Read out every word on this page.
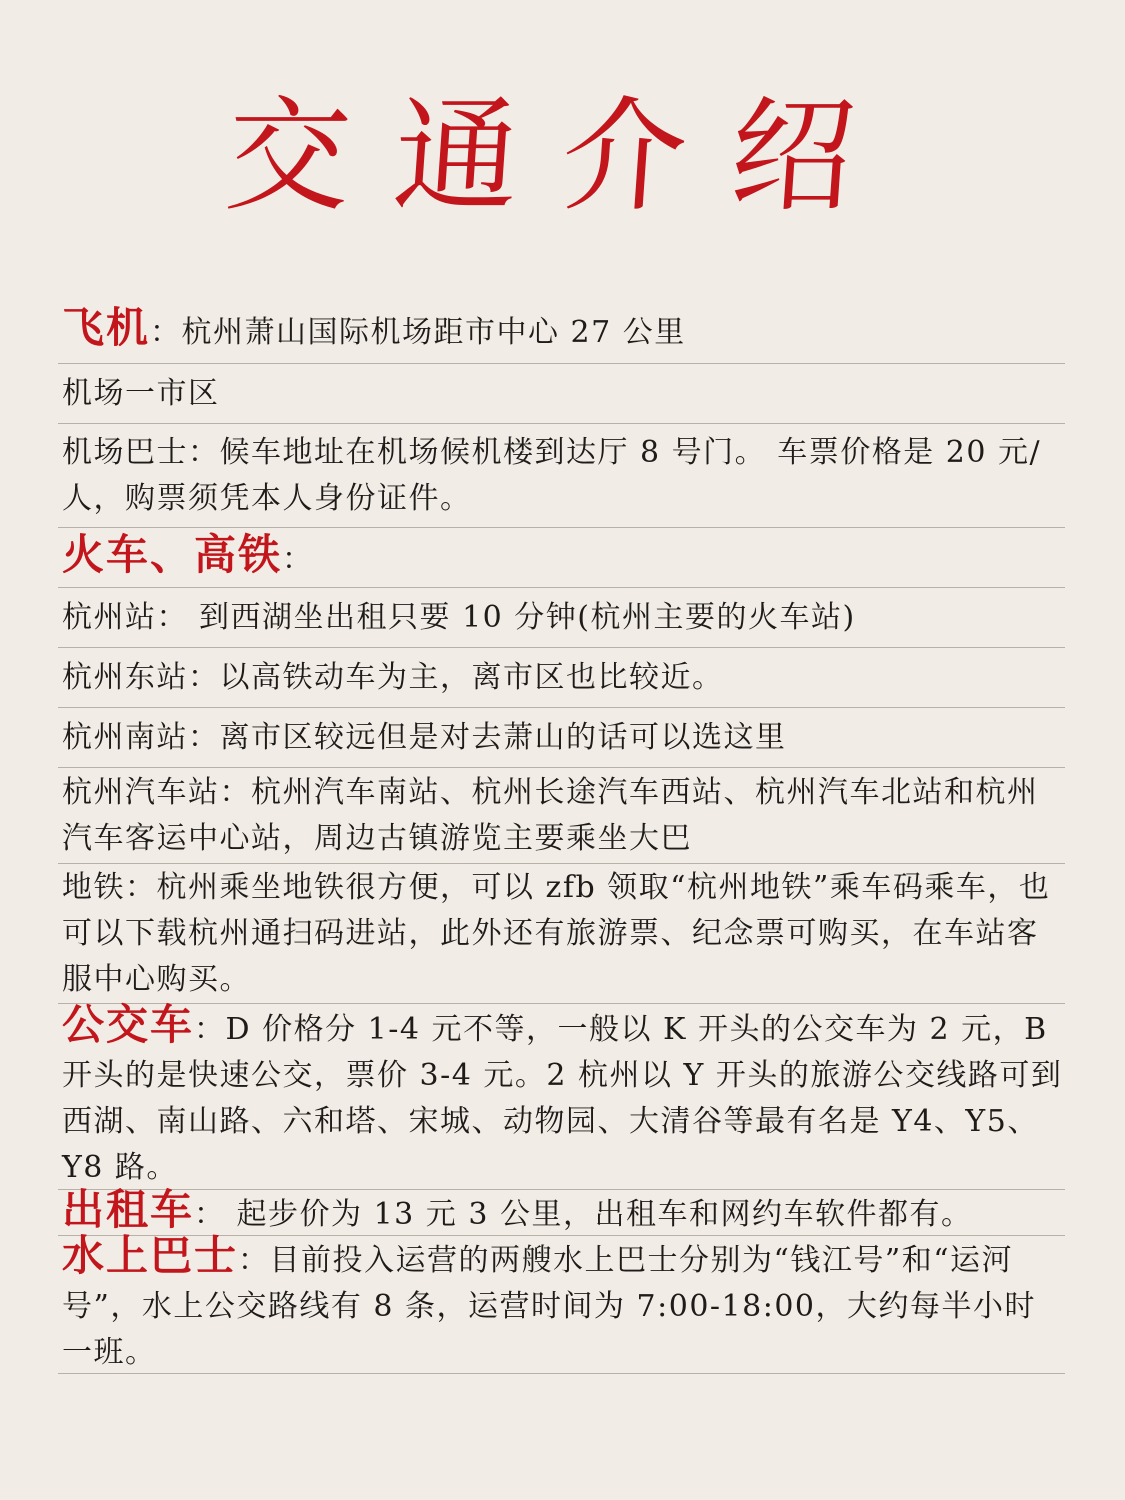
交通介绍
飞机：杭州萧山国际机场距市中心 27 公里
机场一市区
机场巴士：候车地址在机场候机楼到达厅 8 号门。 车票价格是 20 元/人，购票须凭本人身份证件。
火车、高铁：
杭州站： 到西湖坐出租只要 10 分钟(杭州主要的火车站)
杭州东站：以高铁动车为主，离市区也比较近。
杭州南站：离市区较远但是对去萧山的话可以选这里
杭州汽车站：杭州汽车南站、杭州长途汽车西站、杭州汽车北站和杭州汽车客运中心站，周边古镇游览主要乘坐大巴
地铁：杭州乘坐地铁很方便，可以 zfb 领取“杭州地铁”乘车码乘车，也可以下载杭州通扫码进站，此外还有旅游票、纪念票可购买，在车站客服中心购买。
公交车：D 价格分 1-4 元不等，一般以 K 开头的公交车为 2 元，B 开头的是快速公交，票价 3-4 元。2 杭州以 Y 开头的旅游公交线路可到西湖、南山路、六和塔、宋城、动物园、大清谷等最有名是 Y4、Y5、Y8 路。
出租车： 起步价为 13 元 3 公里，出租车和网约车软件都有。
水上巴士：目前投入运营的两艘水上巴士分别为“钱江号”和“运河号”，水上公交路线有 8 条，运营时间为 7:00-18:00，大约每半小时一班。
